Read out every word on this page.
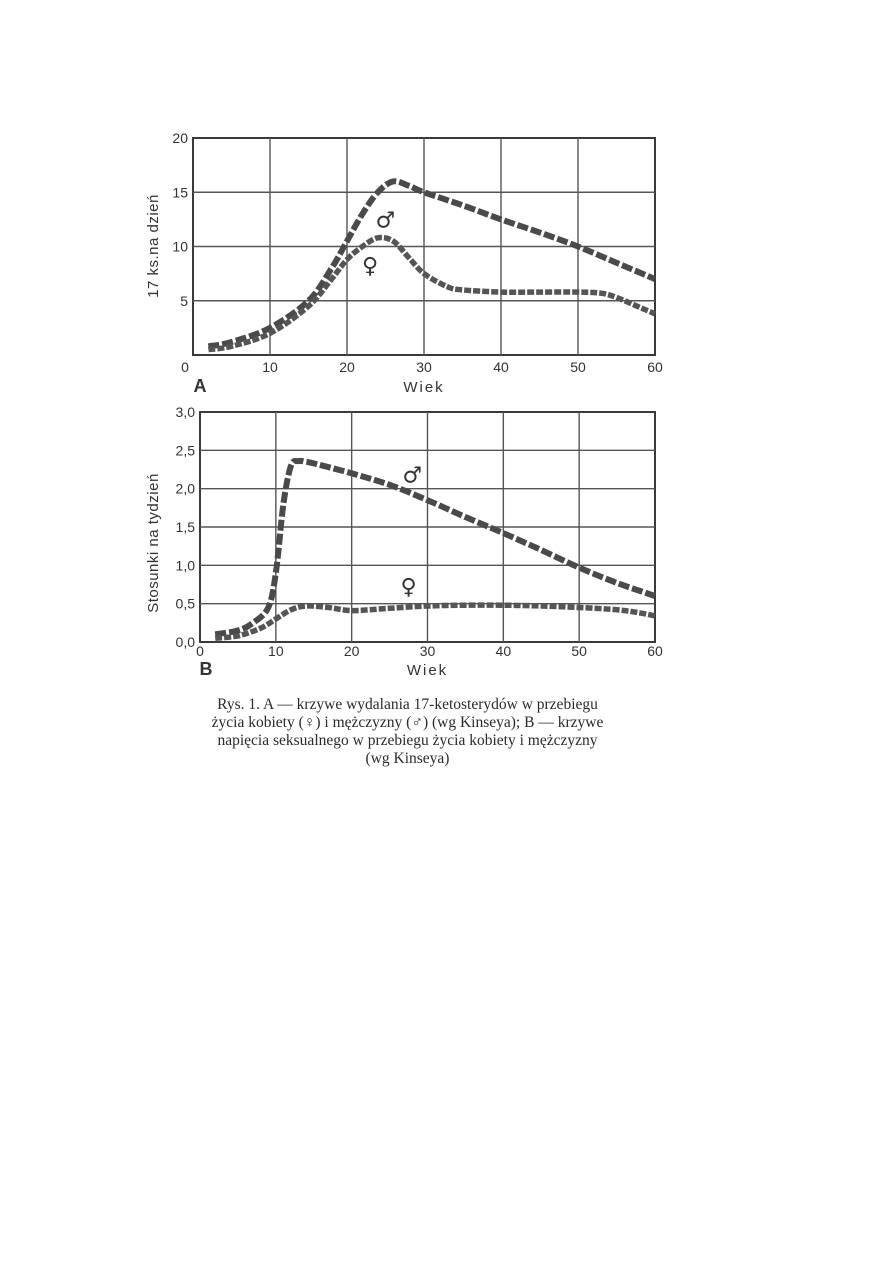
0	10	20	30	40	50	60
20
15
10
5
Wiek
17 ks.na dzień
A
♂
♀
0	10	20	30	40	50	60
3,0
2,5
2,0
1,5
1,0
0,5
0,0
Wiek
Stosunki na tydzień
B
♂
♀
Rys. 1. A — krzywe wydalania 17-ketosterydów w przebiegu
życia kobiety (♀) i mężczyzny (♂) (wg Kinseya); B — krzywe
napięcia seksualnego w przebiegu życia kobiety i mężczyzny
(wg Kinseya)
